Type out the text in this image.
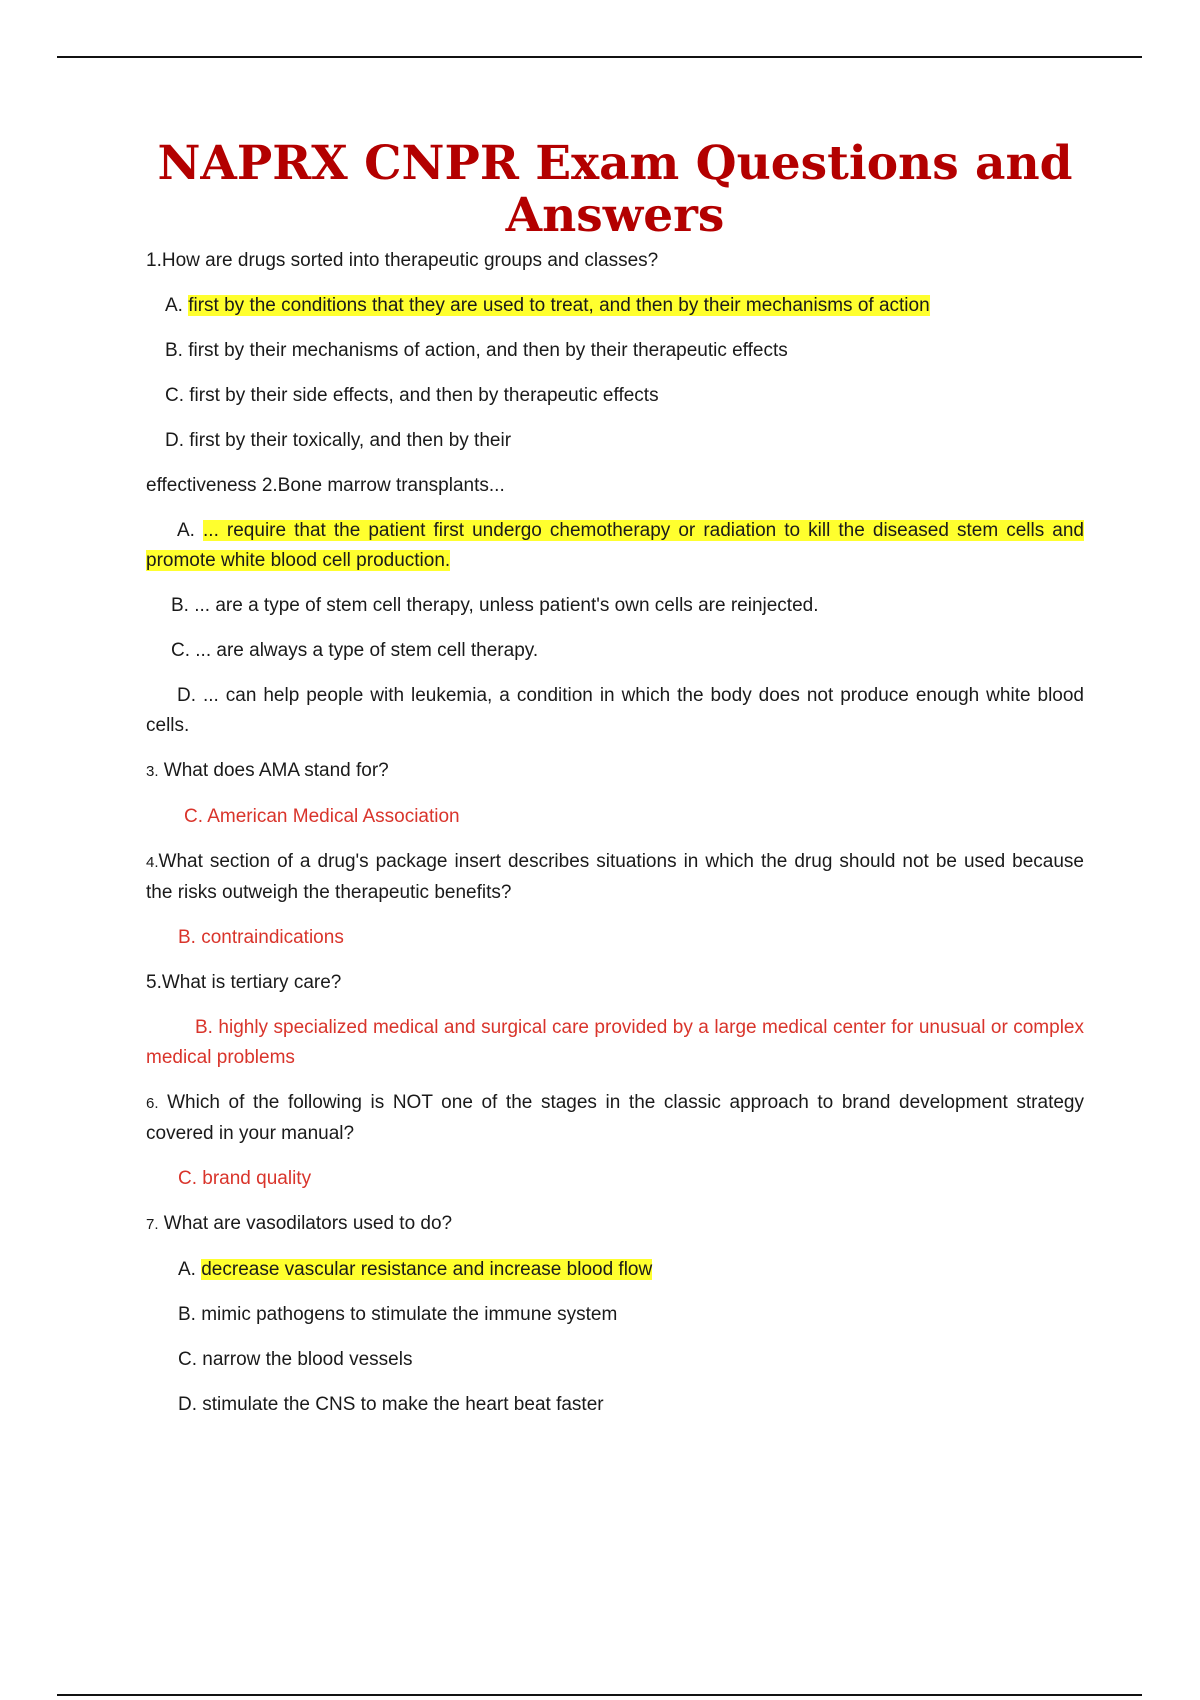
NAPRX CNPR Exam Questions and Answers

1.How are drugs sorted into therapeutic groups and classes?

A. first by the conditions that they are used to treat, and then by their mechanisms of action

B. first by their mechanisms of action, and then by their therapeutic effects

C. first by their side effects, and then by therapeutic effects

D. first by their toxically, and then by their

effectiveness 2.Bone marrow transplants...

A. ... require that the patient first undergo chemotherapy or radiation to kill the diseased stem cells and promote white blood cell production.

B. ... are a type of stem cell therapy, unless patient's own cells are reinjected.

C. ... are always a type of stem cell therapy.

D. ... can help people with leukemia, a condition in which the body does not produce enough white blood cells.

3. What does AMA stand for?

C. American Medical Association

4.What section of a drug's package insert describes situations in which the drug should not be used because the risks outweigh the therapeutic benefits?

B. contraindications

5.What is tertiary care?

B. highly specialized medical and surgical care provided by a large medical center for unusual or complex medical problems

6. Which of the following is NOT one of the stages in the classic approach to brand development strategy covered in your manual?

C. brand quality

7. What are vasodilators used to do?

A. decrease vascular resistance and increase blood flow

B. mimic pathogens to stimulate the immune system

C. narrow the blood vessels

D. stimulate the CNS to make the heart beat faster
